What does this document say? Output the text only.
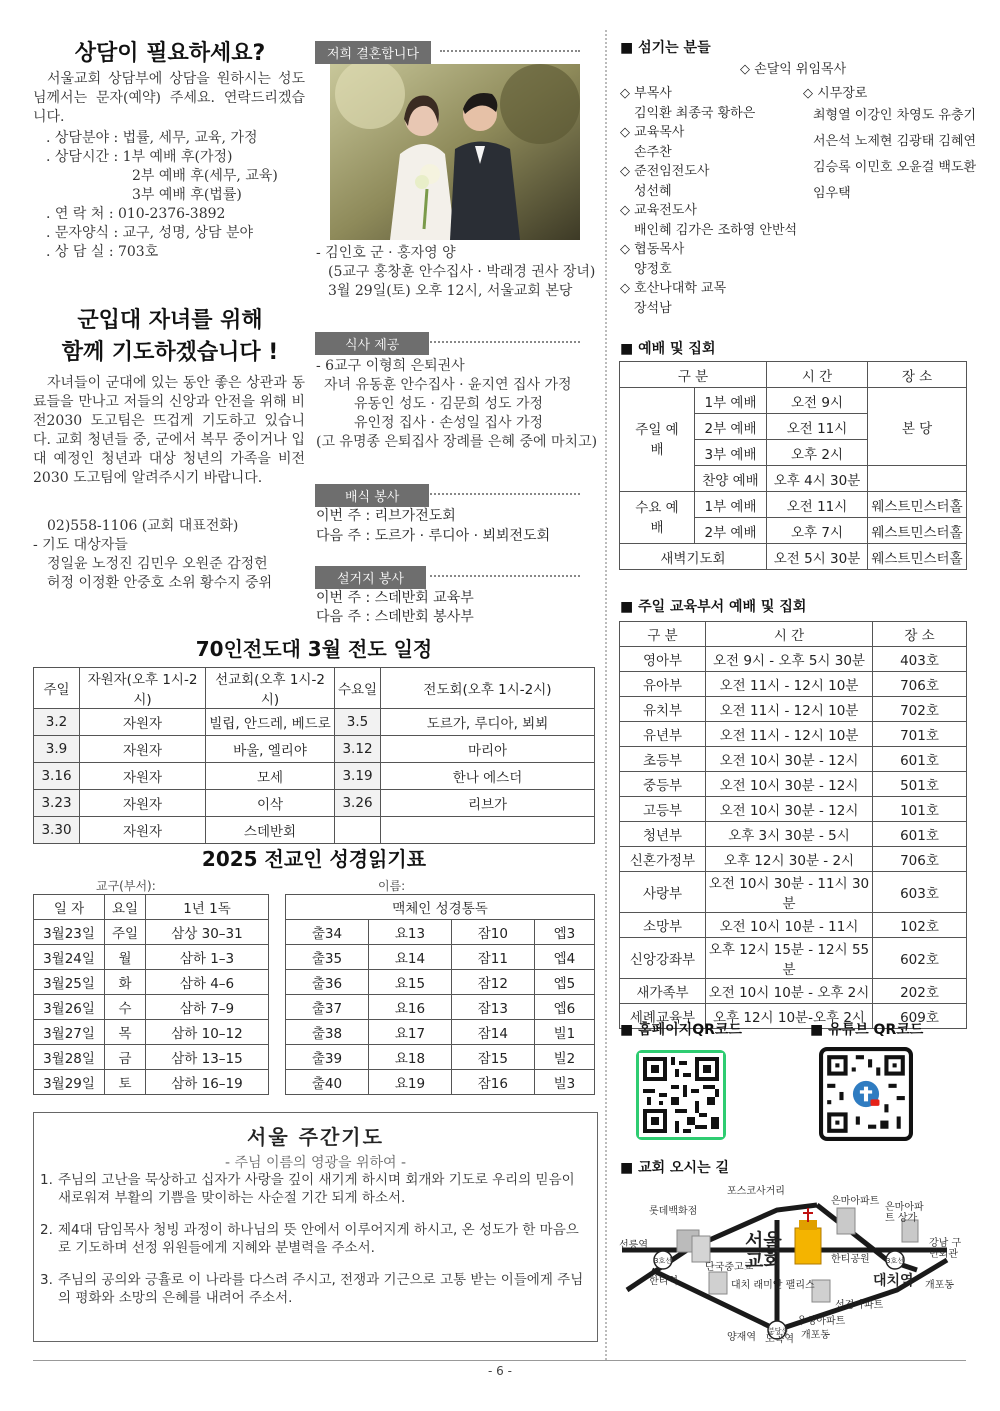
상담이 필요하세요?
서울교회 상담부에 상담을 원하시는 성도님께서는 문자(예약) 주세요. 연락드리겠습니다.
. 상담분야 : 법률, 세무, 교육, 가정
. 상담시간 : 1부 예배 후(가정)
2부 예배 후(세무, 교육)
3부 예배 후(법률)
. 연 락 처 : 010-2376-3892
. 문자양식 : 교구, 성명, 상담 분야
. 상 담 실 : 703호
저희 결혼합니다
- 김인호 군 · 홍자영 양
(5교구 홍창훈 안수집사 · 박래경 권사 장녀)
3월 29일(토) 오후 12시, 서울교회 본당
군입대 자녀를 위해
함께 기도하겠습니다 !
자녀들이 군대에 있는 동안 좋은 상관과 동료들을 만나고 저들의 신앙과 안전을 위해 비전2030 도고팀은 뜨겁게 기도하고 있습니다. 교회 청년들 중, 군에서 복무 중이거나 입대 예정인 청년과 대상 청년의 가족을 비전2030 도고팀에 알려주시기 바랍니다.
02)558-1106 (교회 대표전화)
- 기도 대상자들
정일윤 노정진 김민우 오원준 감정헌
허정 이정환 안중호 소위 황수지 중위
식사 제공
- 6교구 이형희 은퇴권사
자녀 유동훈 안수집사 · 윤지연 집사 가정
유동인 성도 · 김문희 성도 가정
유인정 집사 · 손성일 집사 가정
(고 유명종 은퇴집사 장례를 은혜 중에 마치고)
배식 봉사
이번 주 : 리브가전도회
다음 주 : 도르가 · 루디아 · 뵈뵈전도회
설거지 봉사
이번 주 : 스데반회 교육부
다음 주 : 스데반회 봉사부
70인전도대 3월 전도 일정
주일	자원자(오후 1시-2시)	선교회(오후 1시-2시)	수요일	전도회(오후 1시-2시)
3.2	자원자	빌립, 안드레, 베드로	3.5	도르가, 루디아, 뵈뵈
3.9	자원자	바울, 엘리야	3.12	마리아
3.16	자원자	모세	3.19	한나 에스더
3.23	자원자	이삭	3.26	리브가
3.30	자원자	스데반회		
2025 전교인 성경읽기표
교구(부서):	이름:
일 자	요일	1년 1독
3월23일	주일	삼상 30–31
3월24일	월	삼하 1–3
3월25일	화	삼하 4–6
3월26일	수	삼하 7–9
3월27일	목	삼하 10–12
3월28일	금	삼하 13–15
3월29일	토	삼하 16–19
맥체인 성경통독			
출34	요13	잠10	엡3
출35	요14	잠11	엡4
출36	요15	잠12	엡5
출37	요16	잠13	엡6
출38	요17	잠14	빌1
출39	요18	잠15	빌2
출40	요19	잠16	빌3
서울 주간기도
- 주님 이름의 영광을 위하여 -
1. 주님의 고난을 묵상하고 십자가 사랑을 깊이 새기게 하시며 회개와 기도로 우리의 믿음이 새로워져 부활의 기쁨을 맞이하는 사순절 기간 되게 하소서.
2. 제4대 담임목사 청빙 과정이 하나님의 뜻 안에서 이루어지게 하시고, 온 성도가 한 마음으로 기도하며 선정 위원들에게 지혜와 분별력을 주소서.
3. 주님의 공의와 긍휼로 이 나라를 다스려 주시고, 전쟁과 기근으로 고통 받는 이들에게 주님의 평화와 소망의 은혜를 내려어 주소서.
■ 섬기는 분들
◇ 손달익 위임목사
◇ 부목사
김익환 최종국 황하은
◇ 교육목사
손주찬
◇ 준전임전도사
성선혜
◇ 교육전도사
배인혜 김가은 조하영 안반석
◇ 협동목사
양정호
◇ 호산나대학 교목
장석남
◇ 시무장로
최형열 이강인 차영도 유충기
서은석 노제현 김광태 김혜연
김승록 이민호 오윤걸 백도환
임우택
■ 예배 및 집회
구 분		시 간	장 소
주일 예배	1부 예배	오전 9시	본 당
	2부 예배	오전 11시	
	3부 예배	오후 2시	
	찬양 예배	오후 4시 30분	
수요 예배	1부 예배	오전 11시	웨스트민스터홀
	2부 예배	오후 7시	웨스트민스터홀
새벽기도회		오전 5시 30분	웨스트민스터홀
■ 주일 교육부서 예배 및 집회
구 분	시 간	장 소
영아부	오전 9시 - 오후 5시 30분	403호
유아부	오전 11시 - 12시 10분	706호
유치부	오전 11시 - 12시 10분	702호
유년부	오전 11시 - 12시 10분	701호
초등부	오전 10시 30분 - 12시	601호
중등부	오전 10시 30분 - 12시	501호
고등부	오전 10시 30분 - 12시	101호
청년부	오후 3시 30분 - 5시	601호
신혼가정부	오후 12시 30분 - 2시	706호
사랑부	오전 10시 30분 - 11시 30분	603호
소망부	오전 10시 10분 - 11시	102호
신앙강좌부	오후 12시 15분 - 12시 55분	602호
새가족부	오전 10시 10분 - 오후 2시	202호
세례교육부	오후 12시 10분-오후 2시	609호
■ 홈페이지QR코드	■ 유튜브 QR코드
■ 교회 오시는 길
포스코사거리
롯데백화점
은마아파트
은마아파트 상가
선릉역	서울
교회	한티공원
강남 구민회관
한티역
단국중고교
대치 래미안 팰리스	대치역 개포동
선경아파트
우성아파트
개포동
양재역 도곡역
3호선	3호선
분당선
- 6 -
